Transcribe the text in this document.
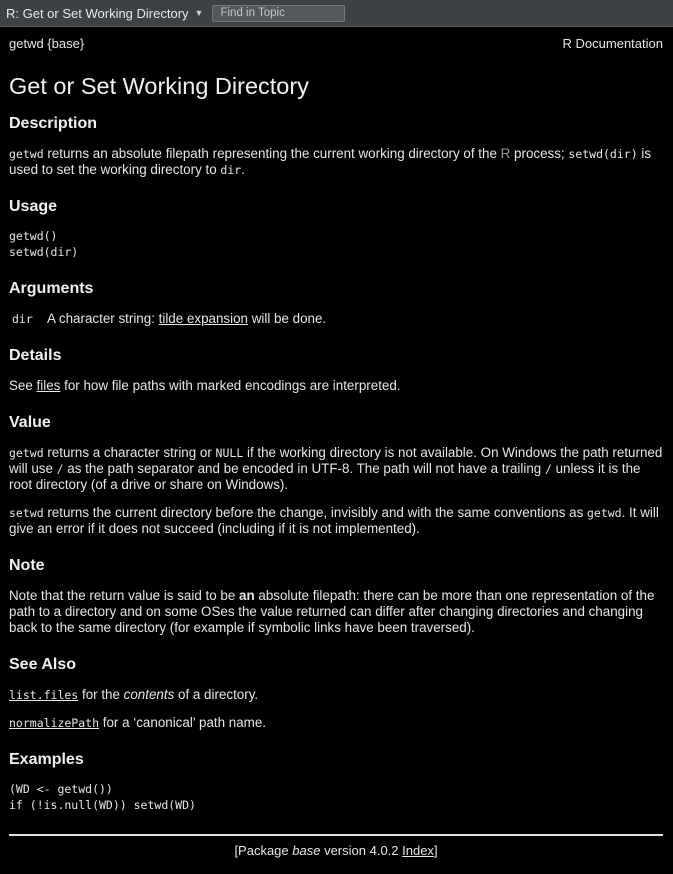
R: Get or Set Working Directory ▼
Find in Topic
getwd {base}	R Documentation
Get or Set Working Directory
Description

getwd returns an absolute filepath representing the current working directory of the R process; setwd(dir) is used to set the working directory to dir.

Usage
getwd()
setwd(dir)
Arguments
dir	A character string: tilde expansion will be done.
Details

See files for how file paths with marked encodings are interpreted.

Value

getwd returns a character string or NULL if the working directory is not available. On Windows the path returned will use / as the path separator and be encoded in UTF-8. The path will not have a trailing / unless it is the root directory (of a drive or share on Windows).

setwd returns the current directory before the change, invisibly and with the same conventions as getwd. It will give an error if it does not succeed (including if it is not implemented).

Note

Note that the return value is said to be an absolute filepath: there can be more than one representation of the path to a directory and on some OSes the value returned can differ after changing directories and changing back to the same directory (for example if symbolic links have been traversed).

See Also

list.files for the contents of a directory.

normalizePath for a ‘canonical’ path name.

Examples
(WD <- getwd())
if (!is.null(WD)) setwd(WD)
[Package base version 4.0.2 Index]
